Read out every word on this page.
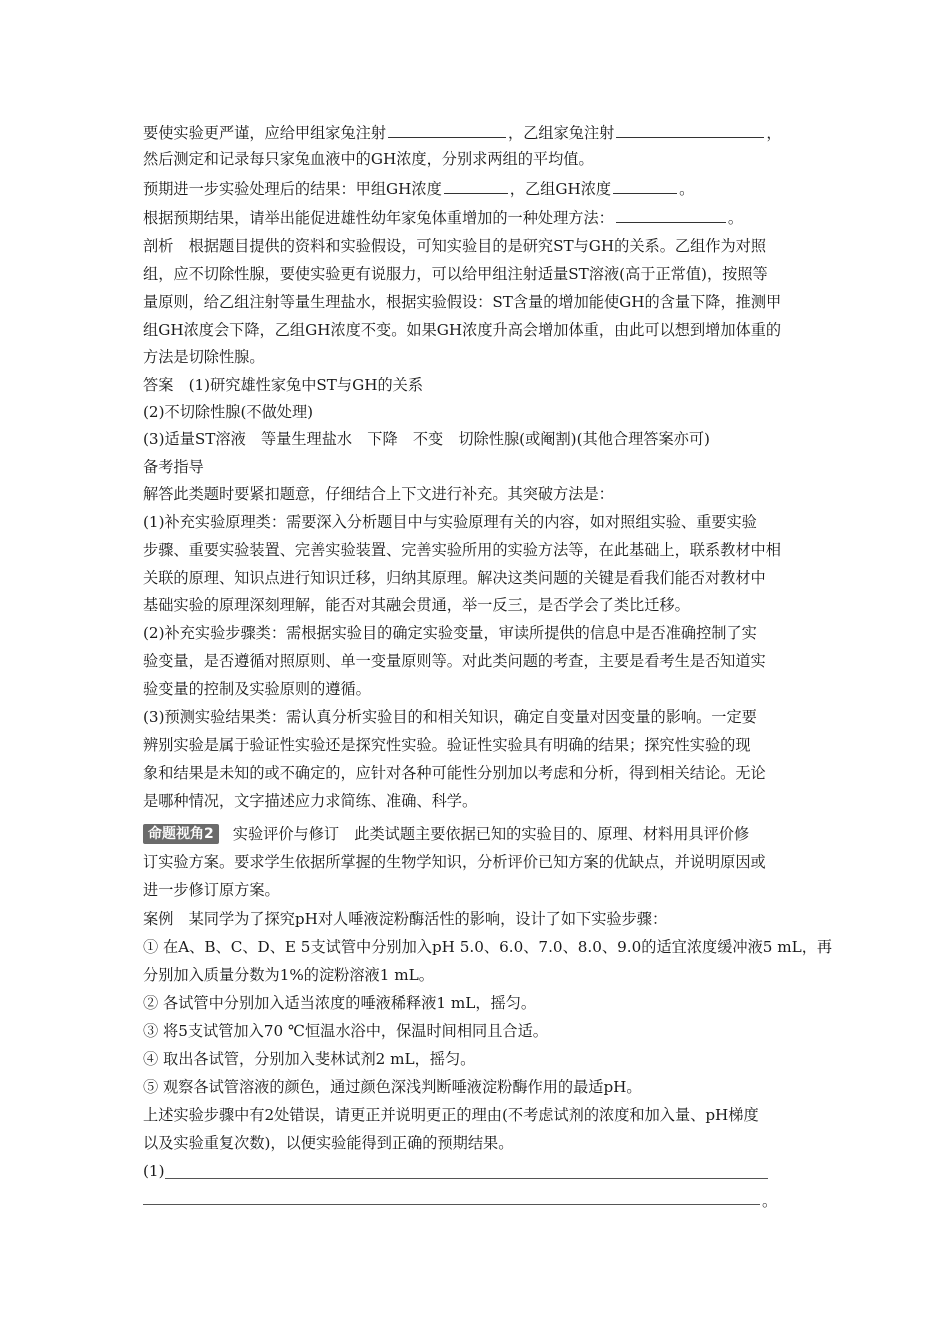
要使实验更严谨，应给甲组家兔注射	，乙组家兔注射	，
然后测定和记录每只家兔血液中的GH浓度，分别求两组的平均值。
预期进一步实验处理后的结果：甲组GH浓度	，乙组GH浓度	。
根据预期结果，请举出能促进雄性幼年家兔体重增加的一种处理方法：	。
剖析　根据题目提供的资料和实验假设，可知实验目的是研究ST与GH的关系。乙组作为对照
组，应不切除性腺，要使实验更有说服力，可以给甲组注射适量ST溶液(高于正常值)，按照等
量原则，给乙组注射等量生理盐水，根据实验假设：ST含量的增加能使GH的含量下降，推测甲
组GH浓度会下降，乙组GH浓度不变。如果GH浓度升高会增加体重，由此可以想到增加体重的
方法是切除性腺。
答案　(1)研究雄性家兔中ST与GH的关系
(2)不切除性腺(不做处理)
(3)适量ST溶液　等量生理盐水　下降　不变　切除性腺(或阉割)(其他合理答案亦可)
备考指导
解答此类题时要紧扣题意，仔细结合上下文进行补充。其突破方法是：
(1)补充实验原理类：需要深入分析题目中与实验原理有关的内容，如对照组实验、重要实验
步骤、重要实验装置、完善实验装置、完善实验所用的实验方法等，在此基础上，联系教材中相
关联的原理、知识点进行知识迁移，归纳其原理。解决这类问题的关键是看我们能否对教材中
基础实验的原理深刻理解，能否对其融会贯通，举一反三，是否学会了类比迁移。
(2)补充实验步骤类：需根据实验目的确定实验变量，审读所提供的信息中是否准确控制了实
验变量，是否遵循对照原则、单一变量原则等。对此类问题的考查，主要是看考生是否知道实
验变量的控制及实验原则的遵循。
(3)预测实验结果类：需认真分析实验目的和相关知识，确定自变量对因变量的影响。一定要
辨别实验是属于验证性实验还是探究性实验。验证性实验具有明确的结果；探究性实验的现
象和结果是未知的或不确定的，应针对各种可能性分别加以考虑和分析，得到相关结论。无论
是哪种情况，文字描述应力求简练、准确、科学。
命题视角2 实验评价与修订　此类试题主要依据已知的实验目的、原理、材料用具评价修
订实验方案。要求学生依据所掌握的生物学知识，分析评价已知方案的优缺点，并说明原因或
进一步修订原方案。
案例　某同学为了探究pH对人唾液淀粉酶活性的影响，设计了如下实验步骤：
① 在A、B、C、D、E 5支试管中分别加入pH 5.0、6.0、7.0、8.0、9.0的适宜浓度缓冲液5 mL，再
分别加入质量分数为1%的淀粉溶液1 mL。
② 各试管中分别加入适当浓度的唾液稀释液1 mL，摇匀。
③ 将5支试管加入70 ℃恒温水浴中，保温时间相同且合适。
④ 取出各试管，分别加入斐林试剂2 mL，摇匀。
⑤ 观察各试管溶液的颜色，通过颜色深浅判断唾液淀粉酶作用的最适pH。
上述实验步骤中有2处错误，请更正并说明更正的理由(不考虑试剂的浓度和加入量、pH梯度
以及实验重复次数)，以便实验能得到正确的预期结果。
(1)
。
